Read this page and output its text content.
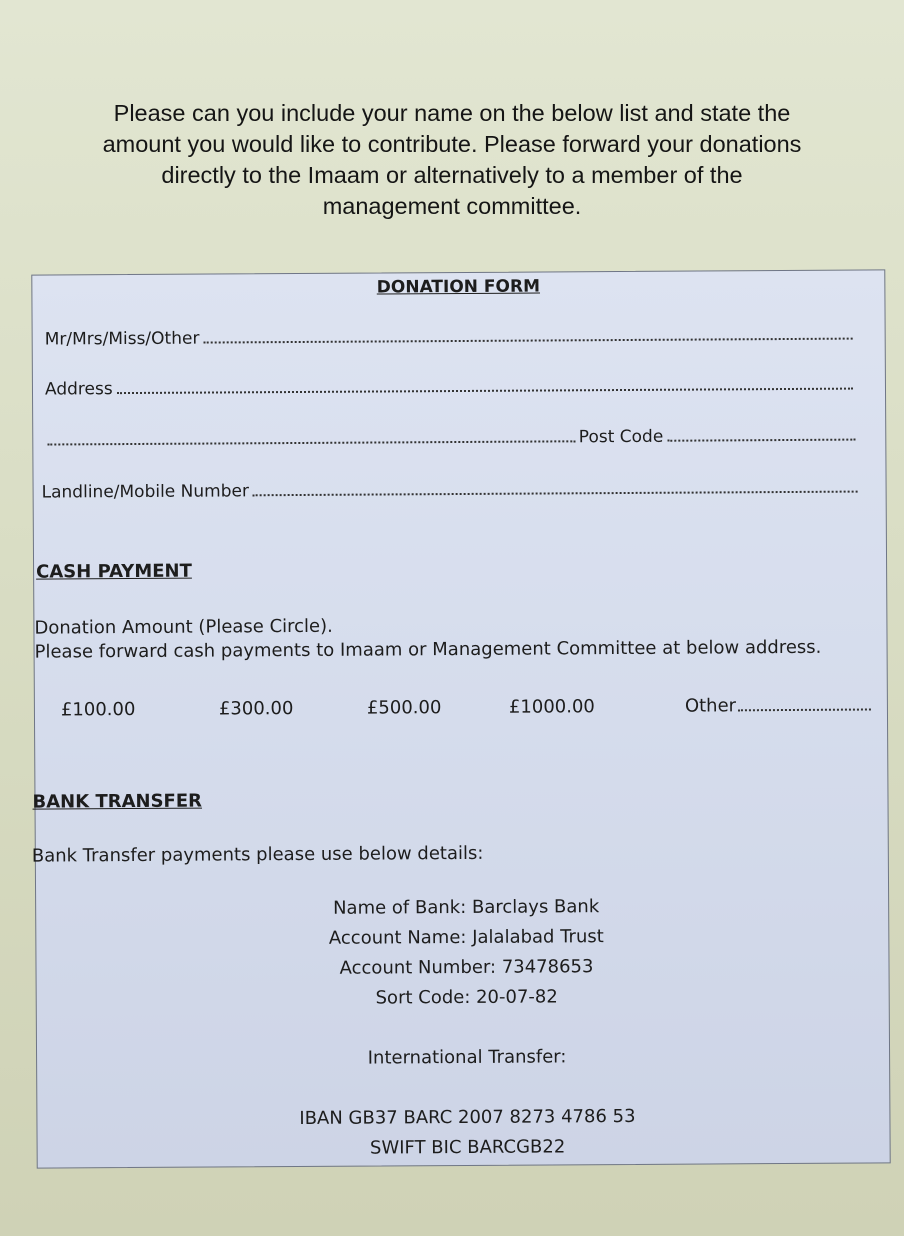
Please can you include your name on the below list and state the
amount you would like to contribute. Please forward your donations
directly to the Imaam or alternatively to a member of the
management committee.
DONATION FORM
Mr/Mrs/Miss/Other
Address
Post Code
Landline/Mobile Number
CASH PAYMENT
Donation Amount (Please Circle).
Please forward cash payments to Imaam or Management Committee at below address.
£100.00	£300.00	£500.00	£1000.00	Other
BANK TRANSFER
Bank Transfer payments please use below details:
Name of Bank: Barclays Bank
Account Name: Jalalabad Trust
Account Number: 73478653
Sort Code: 20-07-82
International Transfer:
IBAN GB37 BARC 2007 8273 4786 53
SWIFT BIC BARCGB22
